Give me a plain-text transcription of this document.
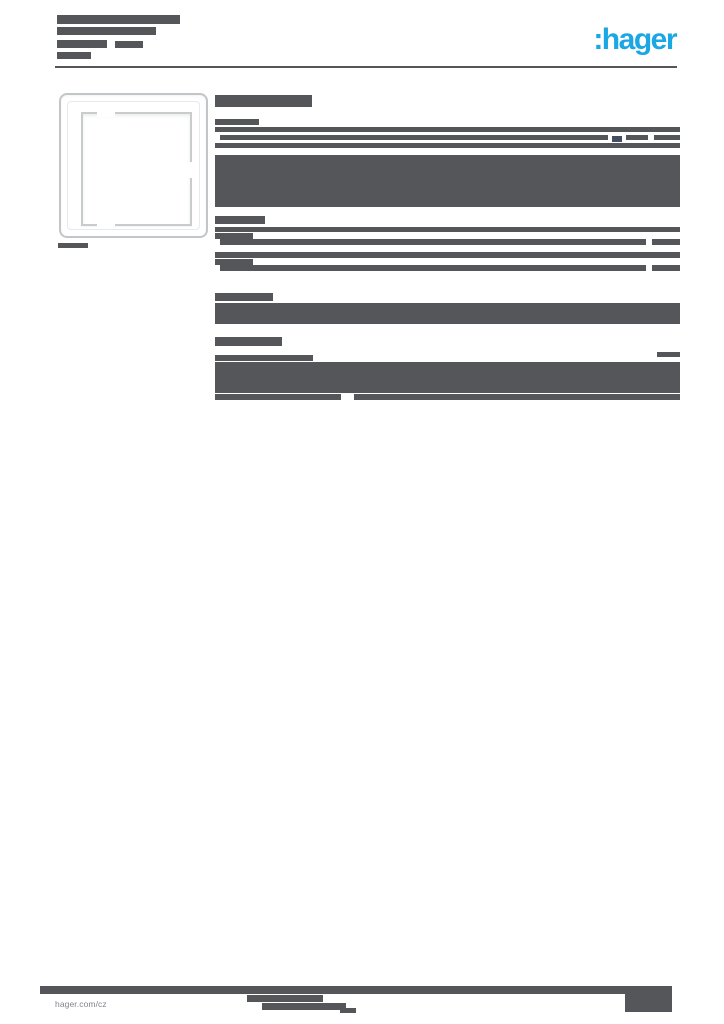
:hager
hager.com/cz
